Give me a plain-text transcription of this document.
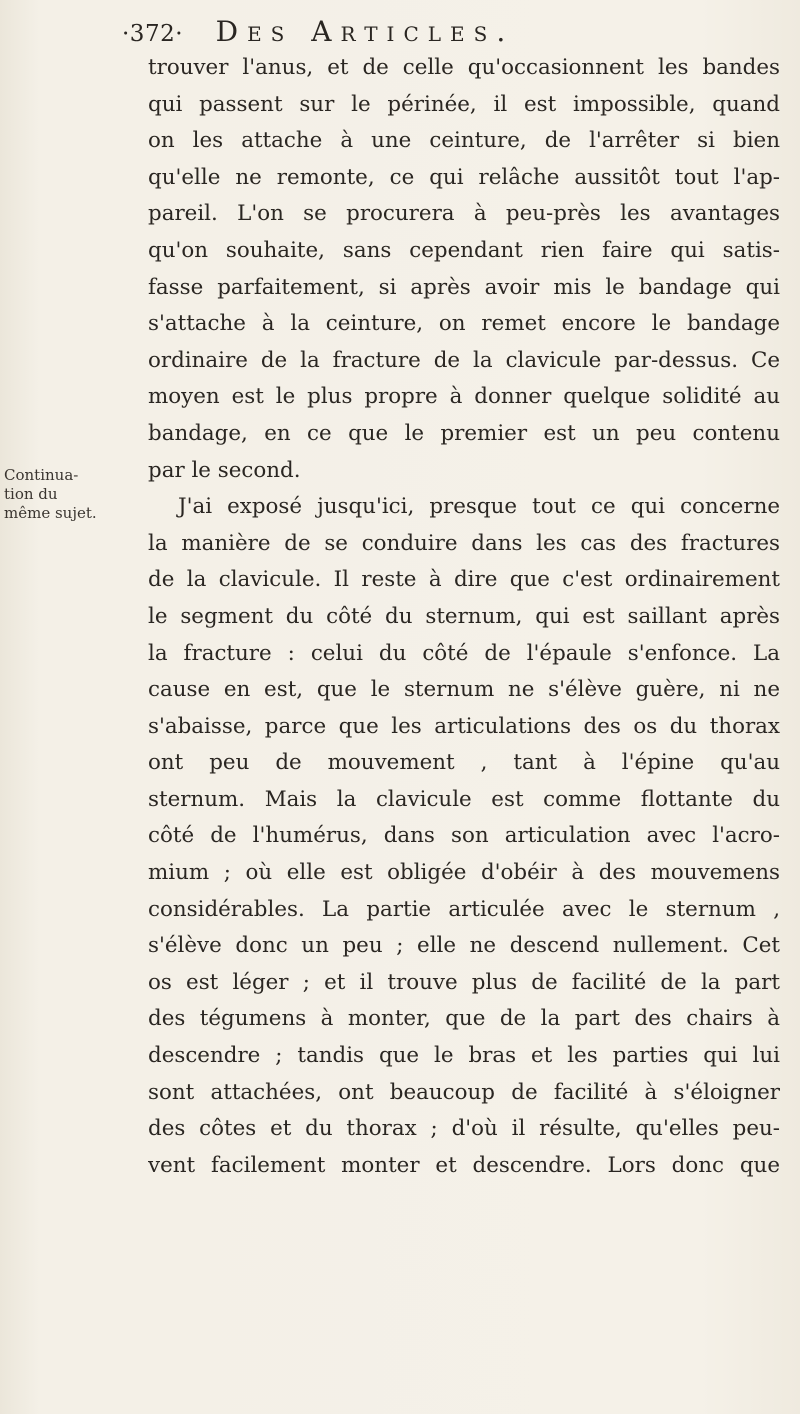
·372· Des Articles.
Continua-
tion du
même sujet.
trouver l'anus, et de celle qu'occasionnent les bandes
qui passent sur le périnée, il est impossible, quand
on les attache à une ceinture, de l'arrêter si bien
qu'elle ne remonte, ce qui relâche aussitôt tout l'ap-
pareil. L'on se procurera à peu-près les avantages
qu'on souhaite, sans cependant rien faire qui satis-
fasse parfaitement, si après avoir mis le bandage qui
s'attache à la ceinture, on remet encore le bandage
ordinaire de la fracture de la clavicule par-dessus. Ce
moyen est le plus propre à donner quelque solidité au
bandage, en ce que le premier est un peu contenu
par le second.
J'ai exposé jusqu'ici, presque tout ce qui concerne
la manière de se conduire dans les cas des fractures
de la clavicule. Il reste à dire que c'est ordinairement
le segment du côté du sternum, qui est saillant après
la fracture : celui du côté de l'épaule s'enfonce. La
cause en est, que le sternum ne s'élève guère, ni ne
s'abaisse, parce que les articulations des os du thorax
ont peu de mouvement , tant à l'épine qu'au
sternum. Mais la clavicule est comme flottante du
côté de l'humérus, dans son articulation avec l'acro-
mium ; où elle est obligée d'obéir à des mouvemens
considérables. La partie articulée avec le sternum ,
s'élève donc un peu ; elle ne descend nullement. Cet
os est léger ; et il trouve plus de facilité de la part
des tégumens à monter, que de la part des chairs à
descendre ; tandis que le bras et les parties qui lui
sont attachées, ont beaucoup de facilité à s'éloigner
des côtes et du thorax ; d'où il résulte, qu'elles peu-
vent facilement monter et descendre. Lors donc que
